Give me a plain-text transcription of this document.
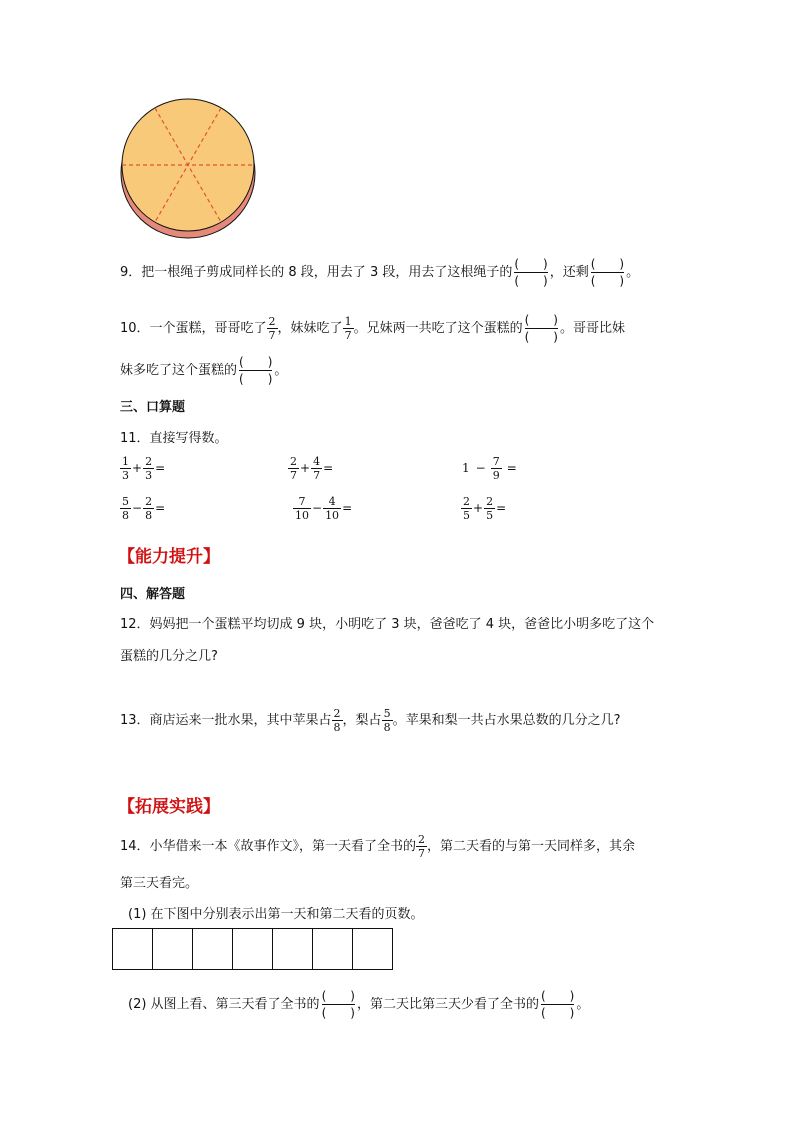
9．把一根绳子剪成同样长的 8 段，用去了 3 段，用去了这根绳子的
(　　)
(　　)
，还剩
(　　)
(　　)
。
10．一个蛋糕，哥哥吃了 $\frac{2}{7}$ ，妹妹吃了 $\frac{1}{7}$ 。兄妹两一共吃了这个蛋糕的
(　　)
(　　)
。哥哥比妹
妹多吃了这个蛋糕的
(　　)
(　　)
。
三、口算题
11．直接写得数。
$\frac{1}{3} + \frac{2}{3}$ =	$\frac{2}{7} + \frac{4}{7}$ =	$1 - \frac{7}{9}$ =
$\frac{5}{8} - \frac{2}{8}$ =	$\frac{7}{10} - \frac{4}{10}$ =	$\frac{2}{5} + \frac{2}{5}$ =
【能力提升】
四、解答题
12．妈妈把一个蛋糕平均切成 9 块，小明吃了 3 块，爸爸吃了 4 块，爸爸比小明多吃了这个
蛋糕的几分之几?
13．商店运来一批水果，其中苹果占 $\frac{2}{8}$ ，梨占 $\frac{5}{8}$ 。苹果和梨一共占水果总数的几分之几?
【拓展实践】
14．小华借来一本《故事作文》，第一天看了全书的 $\frac{2}{7}$ ，第二天看的与第一天同样多，其余
第三天看完。
(1) 在下图中分别表示出第一天和第二天看的页数。
(2) 从图上看、第三天看了全书的
(　　)
(　　)
，第二天比第三天少看了全书的
(　　)
(　　)
。
